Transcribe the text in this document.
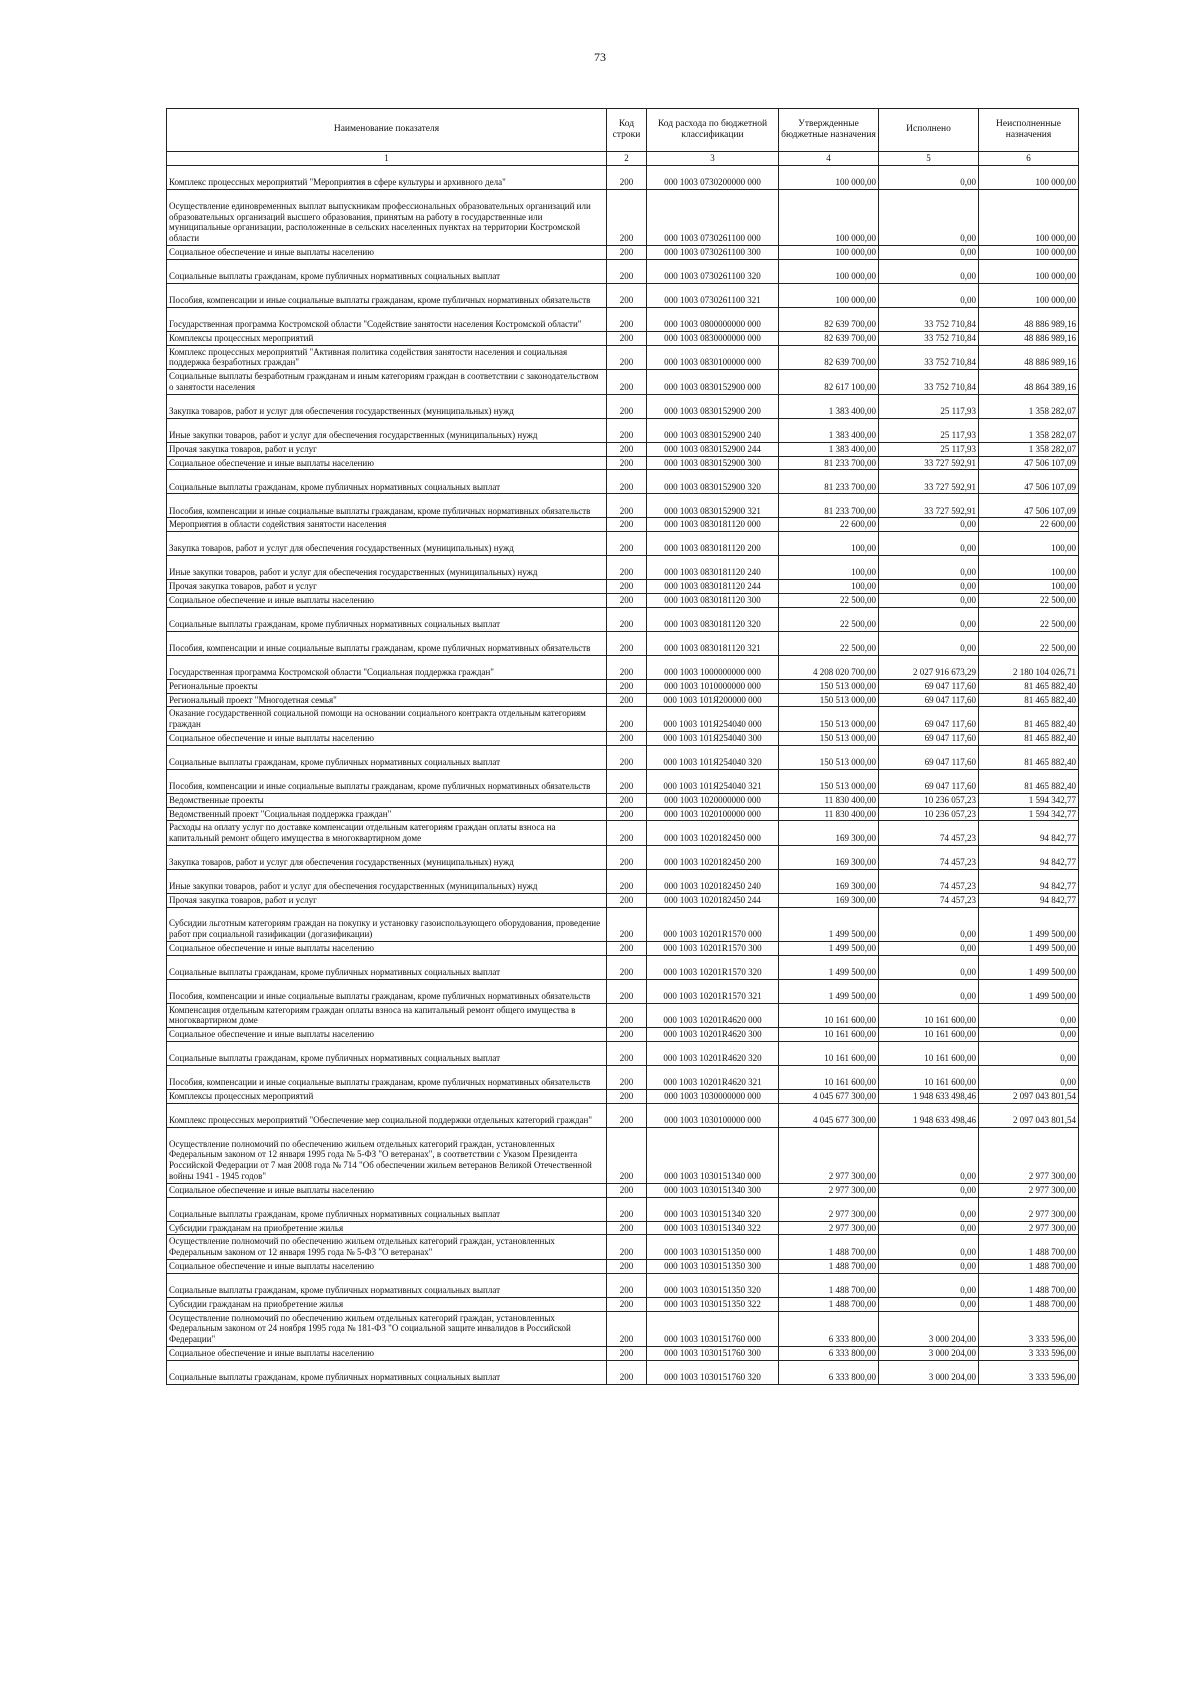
73
Наименование показателя	Код строки	Код расхода по бюджетной классификации	Утвержденные бюджетные назначения	Исполнено	Неисполненные назначения
1	2	3	4	5	6
Комплекс процессных мероприятий "Мероприятия в сфере культуры и архивного дела"	200	000 1003 0730200000 000	100 000,00	0,00	100 000,00
Осуществление единовременных выплат выпускникам профессиональных образовательных организаций или образовательных организаций высшего образования, принятым на работу в государственные или муниципальные организации, расположенные в сельских населенных пунктах на территории Костромской области	200	000 1003 0730261100 000	100 000,00	0,00	100 000,00
Социальное обеспечение и иные выплаты населению	200	000 1003 0730261100 300	100 000,00	0,00	100 000,00
Социальные выплаты гражданам, кроме публичных нормативных социальных выплат	200	000 1003 0730261100 320	100 000,00	0,00	100 000,00
Пособия, компенсации и иные социальные выплаты гражданам, кроме публичных нормативных обязательств	200	000 1003 0730261100 321	100 000,00	0,00	100 000,00
Государственная программа Костромской области "Содействие занятости населения Костромской области"	200	000 1003 0800000000 000	82 639 700,00	33 752 710,84	48 886 989,16
Комплексы процессных мероприятий	200	000 1003 0830000000 000	82 639 700,00	33 752 710,84	48 886 989,16
Комплекс процессных мероприятий "Активная политика содействия занятости населения и социальная поддержка безработных граждан"	200	000 1003 0830100000 000	82 639 700,00	33 752 710,84	48 886 989,16
Социальные выплаты безработным гражданам и иным категориям граждан в соответствии с законодательством о занятости населения	200	000 1003 0830152900 000	82 617 100,00	33 752 710,84	48 864 389,16
Закупка товаров, работ и услуг для обеспечения государственных (муниципальных) нужд	200	000 1003 0830152900 200	1 383 400,00	25 117,93	1 358 282,07
Иные закупки товаров, работ и услуг для обеспечения государственных (муниципальных) нужд	200	000 1003 0830152900 240	1 383 400,00	25 117,93	1 358 282,07
Прочая закупка товаров, работ и услуг	200	000 1003 0830152900 244	1 383 400,00	25 117,93	1 358 282,07
Социальное обеспечение и иные выплаты населению	200	000 1003 0830152900 300	81 233 700,00	33 727 592,91	47 506 107,09
Социальные выплаты гражданам, кроме публичных нормативных социальных выплат	200	000 1003 0830152900 320	81 233 700,00	33 727 592,91	47 506 107,09
Пособия, компенсации и иные социальные выплаты гражданам, кроме публичных нормативных обязательств	200	000 1003 0830152900 321	81 233 700,00	33 727 592,91	47 506 107,09
Мероприятия в области содействия занятости населения	200	000 1003 0830181120 000	22 600,00	0,00	22 600,00
Закупка товаров, работ и услуг для обеспечения государственных (муниципальных) нужд	200	000 1003 0830181120 200	100,00	0,00	100,00
Иные закупки товаров, работ и услуг для обеспечения государственных (муниципальных) нужд	200	000 1003 0830181120 240	100,00	0,00	100,00
Прочая закупка товаров, работ и услуг	200	000 1003 0830181120 244	100,00	0,00	100,00
Социальное обеспечение и иные выплаты населению	200	000 1003 0830181120 300	22 500,00	0,00	22 500,00
Социальные выплаты гражданам, кроме публичных нормативных социальных выплат	200	000 1003 0830181120 320	22 500,00	0,00	22 500,00
Пособия, компенсации и иные социальные выплаты гражданам, кроме публичных нормативных обязательств	200	000 1003 0830181120 321	22 500,00	0,00	22 500,00
Государственная программа Костромской области "Социальная поддержка граждан"	200	000 1003 1000000000 000	4 208 020 700,00	2 027 916 673,29	2 180 104 026,71
Региональные проекты	200	000 1003 1010000000 000	150 513 000,00	69 047 117,60	81 465 882,40
Региональный проект "Многодетная семья"	200	000 1003 101Я200000 000	150 513 000,00	69 047 117,60	81 465 882,40
Оказание государственной социальной помощи на основании социального контракта отдельным категориям граждан	200	000 1003 101Я254040 000	150 513 000,00	69 047 117,60	81 465 882,40
Социальное обеспечение и иные выплаты населению	200	000 1003 101Я254040 300	150 513 000,00	69 047 117,60	81 465 882,40
Социальные выплаты гражданам, кроме публичных нормативных социальных выплат	200	000 1003 101Я254040 320	150 513 000,00	69 047 117,60	81 465 882,40
Пособия, компенсации и иные социальные выплаты гражданам, кроме публичных нормативных обязательств	200	000 1003 101Я254040 321	150 513 000,00	69 047 117,60	81 465 882,40
Ведомственные проекты	200	000 1003 1020000000 000	11 830 400,00	10 236 057,23	1 594 342,77
Ведомственный проект "Социальная поддержка граждан"	200	000 1003 1020100000 000	11 830 400,00	10 236 057,23	1 594 342,77
Расходы на оплату услуг по доставке компенсации отдельным категориям граждан оплаты взноса на капитальный ремонт общего имущества в многоквартирном доме	200	000 1003 1020182450 000	169 300,00	74 457,23	94 842,77
Закупка товаров, работ и услуг для обеспечения государственных (муниципальных) нужд	200	000 1003 1020182450 200	169 300,00	74 457,23	94 842,77
Иные закупки товаров, работ и услуг для обеспечения государственных (муниципальных) нужд	200	000 1003 1020182450 240	169 300,00	74 457,23	94 842,77
Прочая закупка товаров, работ и услуг	200	000 1003 1020182450 244	169 300,00	74 457,23	94 842,77
Субсидии льготным категориям граждан на покупку и установку газоиспользующего оборудования, проведение работ при социальной газификации (догазификации)	200	000 1003 10201R1570 000	1 499 500,00	0,00	1 499 500,00
Социальное обеспечение и иные выплаты населению	200	000 1003 10201R1570 300	1 499 500,00	0,00	1 499 500,00
Социальные выплаты гражданам, кроме публичных нормативных социальных выплат	200	000 1003 10201R1570 320	1 499 500,00	0,00	1 499 500,00
Пособия, компенсации и иные социальные выплаты гражданам, кроме публичных нормативных обязательств	200	000 1003 10201R1570 321	1 499 500,00	0,00	1 499 500,00
Компенсация отдельным категориям граждан оплаты взноса на капитальный ремонт общего имущества в многоквартирном доме	200	000 1003 10201R4620 000	10 161 600,00	10 161 600,00	0,00
Социальное обеспечение и иные выплаты населению	200	000 1003 10201R4620 300	10 161 600,00	10 161 600,00	0,00
Социальные выплаты гражданам, кроме публичных нормативных социальных выплат	200	000 1003 10201R4620 320	10 161 600,00	10 161 600,00	0,00
Пособия, компенсации и иные социальные выплаты гражданам, кроме публичных нормативных обязательств	200	000 1003 10201R4620 321	10 161 600,00	10 161 600,00	0,00
Комплексы процессных мероприятий	200	000 1003 1030000000 000	4 045 677 300,00	1 948 633 498,46	2 097 043 801,54
Комплекс процессных мероприятий "Обеспечение мер социальной поддержки отдельных категорий граждан"	200	000 1003 1030100000 000	4 045 677 300,00	1 948 633 498,46	2 097 043 801,54
Осуществление полномочий по обеспечению жильем отдельных категорий граждан, установленных Федеральным законом от 12 января 1995 года № 5-ФЗ "О ветеранах", в соответствии с Указом Президента Российской Федерации от 7 мая 2008 года № 714 "Об обеспечении жильем ветеранов Великой Отечественной войны 1941 - 1945 годов"	200	000 1003 1030151340 000	2 977 300,00	0,00	2 977 300,00
Социальное обеспечение и иные выплаты населению	200	000 1003 1030151340 300	2 977 300,00	0,00	2 977 300,00
Социальные выплаты гражданам, кроме публичных нормативных социальных выплат	200	000 1003 1030151340 320	2 977 300,00	0,00	2 977 300,00
Субсидии гражданам на приобретение жилья	200	000 1003 1030151340 322	2 977 300,00	0,00	2 977 300,00
Осуществление полномочий по обеспечению жильем отдельных категорий граждан, установленных Федеральным законом от 12 января 1995 года № 5-ФЗ "О ветеранах"	200	000 1003 1030151350 000	1 488 700,00	0,00	1 488 700,00
Социальное обеспечение и иные выплаты населению	200	000 1003 1030151350 300	1 488 700,00	0,00	1 488 700,00
Социальные выплаты гражданам, кроме публичных нормативных социальных выплат	200	000 1003 1030151350 320	1 488 700,00	0,00	1 488 700,00
Субсидии гражданам на приобретение жилья	200	000 1003 1030151350 322	1 488 700,00	0,00	1 488 700,00
Осуществление полномочий по обеспечению жильем отдельных категорий граждан, установленных Федеральным законом от 24 ноября 1995 года № 181-ФЗ "О социальной защите инвалидов в Российской Федерации"	200	000 1003 1030151760 000	6 333 800,00	3 000 204,00	3 333 596,00
Социальное обеспечение и иные выплаты населению	200	000 1003 1030151760 300	6 333 800,00	3 000 204,00	3 333 596,00
Социальные выплаты гражданам, кроме публичных нормативных социальных выплат	200	000 1003 1030151760 320	6 333 800,00	3 000 204,00	3 333 596,00
